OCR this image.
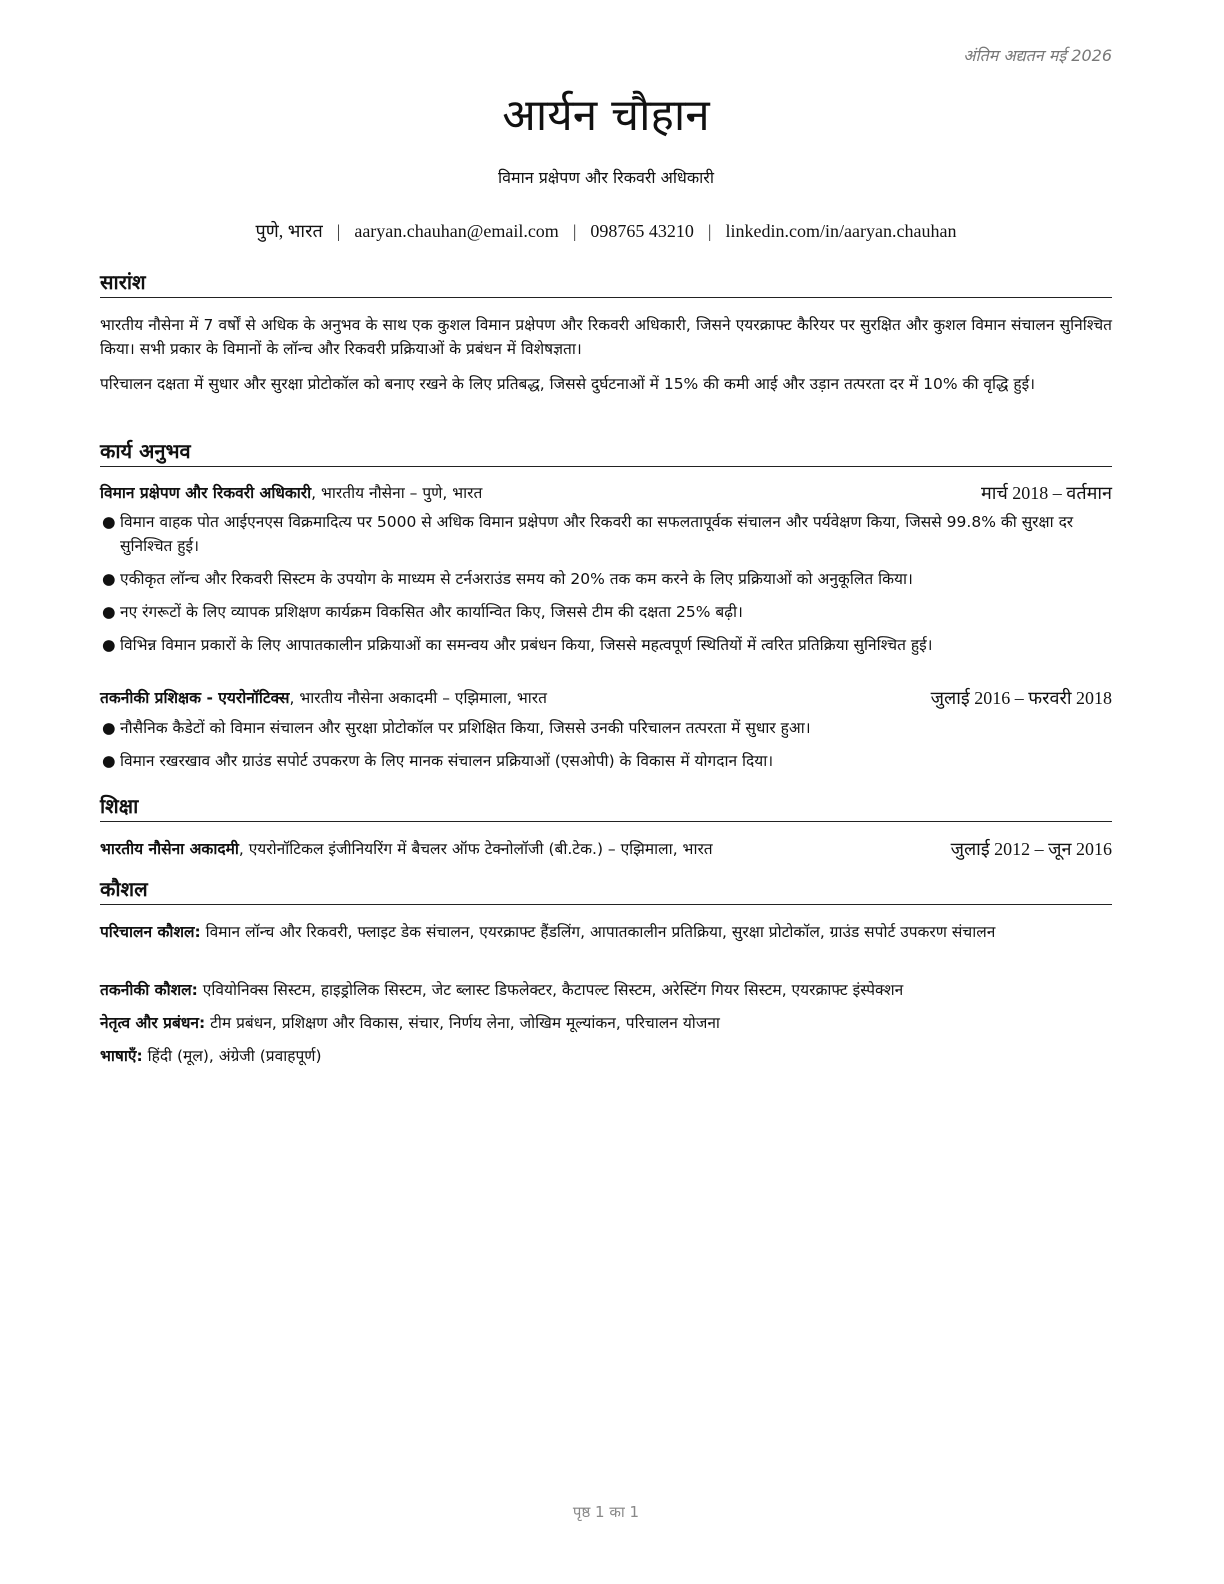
अंतिम अद्यतन मई 2026
आर्यन चौहान
विमान प्रक्षेपण और रिकवरी अधिकारी
पुणे, भारत | aaryan.chauhan@email.com | 098765 43210 | linkedin.com/in/aaryan.chauhan
सारांश
भारतीय नौसेना में 7 वर्षों से अधिक के अनुभव के साथ एक कुशल विमान प्रक्षेपण और रिकवरी अधिकारी, जिसने एयरक्राफ्ट कैरियर पर सुरक्षित और कुशल विमान संचालन सुनिश्चित किया। सभी प्रकार के विमानों के लॉन्च और रिकवरी प्रक्रियाओं के प्रबंधन में विशेषज्ञता।
परिचालन दक्षता में सुधार और सुरक्षा प्रोटोकॉल को बनाए रखने के लिए प्रतिबद्ध, जिससे दुर्घटनाओं में 15% की कमी आई और उड़ान तत्परता दर में 10% की वृद्धि हुई।
कार्य अनुभव
विमान प्रक्षेपण और रिकवरी अधिकारी, भारतीय नौसेना – पुणे, भारत	मार्च 2018 – वर्तमान
● विमान वाहक पोत आईएनएस विक्रमादित्य पर 5000 से अधिक विमान प्रक्षेपण और रिकवरी का सफलतापूर्वक संचालन और पर्यवेक्षण किया, जिससे 99.8% की सुरक्षा दर सुनिश्चित हुई।
● एकीकृत लॉन्च और रिकवरी सिस्टम के उपयोग के माध्यम से टर्नअराउंड समय को 20% तक कम करने के लिए प्रक्रियाओं को अनुकूलित किया।
● नए रंगरूटों के लिए व्यापक प्रशिक्षण कार्यक्रम विकसित और कार्यान्वित किए, जिससे टीम की दक्षता 25% बढ़ी।
● विभिन्न विमान प्रकारों के लिए आपातकालीन प्रक्रियाओं का समन्वय और प्रबंधन किया, जिससे महत्वपूर्ण स्थितियों में त्वरित प्रतिक्रिया सुनिश्चित हुई।
तकनीकी प्रशिक्षक - एयरोनॉटिक्स, भारतीय नौसेना अकादमी – एझिमाला, भारत	जुलाई 2016 – फरवरी 2018
● नौसैनिक कैडेटों को विमान संचालन और सुरक्षा प्रोटोकॉल पर प्रशिक्षित किया, जिससे उनकी परिचालन तत्परता में सुधार हुआ।
● विमान रखरखाव और ग्राउंड सपोर्ट उपकरण के लिए मानक संचालन प्रक्रियाओं (एसओपी) के विकास में योगदान दिया।
शिक्षा
भारतीय नौसेना अकादमी, एयरोनॉटिकल इंजीनियरिंग में बैचलर ऑफ टेक्नोलॉजी (बी.टेक.) – एझिमाला, भारत	जुलाई 2012 – जून 2016
कौशल
परिचालन कौशल: विमान लॉन्च और रिकवरी, फ्लाइट डेक संचालन, एयरक्राफ्ट हैंडलिंग, आपातकालीन प्रतिक्रिया, सुरक्षा प्रोटोकॉल, ग्राउंड सपोर्ट उपकरण संचालन
तकनीकी कौशल: एवियोनिक्स सिस्टम, हाइड्रोलिक सिस्टम, जेट ब्लास्ट डिफलेक्टर, कैटापल्ट सिस्टम, अरेस्टिंग गियर सिस्टम, एयरक्राफ्ट इंस्पेक्शन
नेतृत्व और प्रबंधन: टीम प्रबंधन, प्रशिक्षण और विकास, संचार, निर्णय लेना, जोखिम मूल्यांकन, परिचालन योजना
भाषाएँ: हिंदी (मूल), अंग्रेजी (प्रवाहपूर्ण)
पृष्ठ 1 का 1
